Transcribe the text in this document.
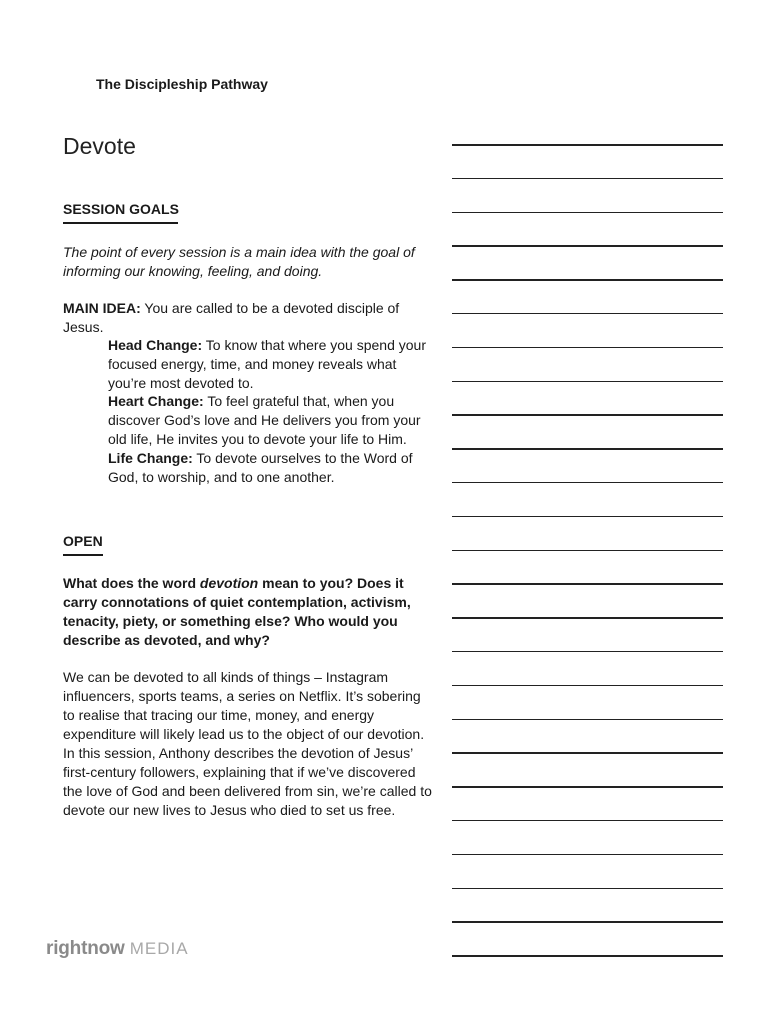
The Discipleship Pathway
Devote
SESSION GOALS
The point of every session is a main idea with the goal of informing our knowing, feeling, and doing.
MAIN IDEA: You are called to be a devoted disciple of Jesus.
Head Change: To know that where you spend your focused energy, time, and money reveals what you’re most devoted to.
Heart Change: To feel grateful that, when you discover God’s love and He delivers you from your old life, He invites you to devote your life to Him.
Life Change: To devote ourselves to the Word of God, to worship, and to one another.
OPEN
What does the word devotion mean to you? Does it carry connotations of quiet contemplation, activism, tenacity, piety, or something else? Who would you describe as devoted, and why?
We can be devoted to all kinds of things – Instagram influencers, sports teams, a series on Netflix. It’s sobering to realise that tracing our time, money, and energy expenditure will likely lead us to the object of our devotion. In this session, Anthony describes the devotion of Jesus’ first-century followers, explaining that if we’ve discovered the love of God and been delivered from sin, we’re called to devote our new lives to Jesus who died to set us free.
rightnow MEDIA
